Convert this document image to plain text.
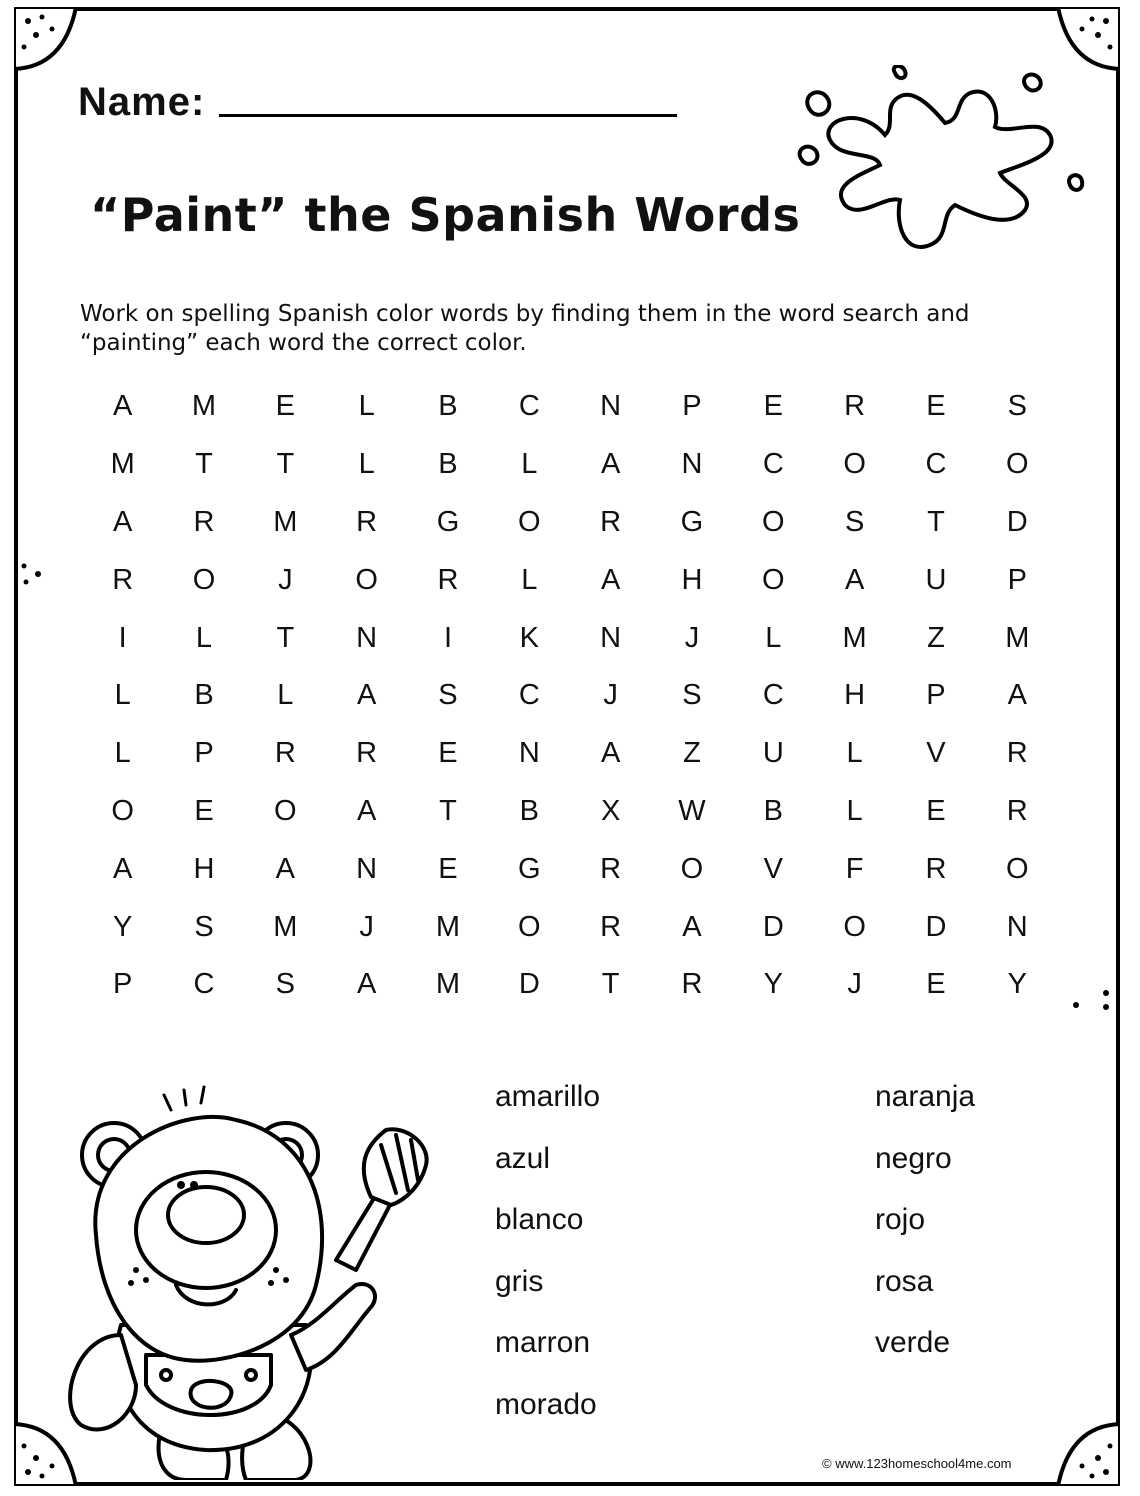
Name:
“Paint” the Spanish Words
Work on spelling Spanish color words by finding them in the word search and
“painting” each word the correct color.
A	M	E	L	B	C	N	P	E	R	E	S
M	T	T	L	B	L	A	N	C	O	C	O
A	R	M	R	G	O	R	G	O	S	T	D
R	O	J	O	R	L	A	H	O	A	U	P
I	L	T	N	I	K	N	J	L	M	Z	M
L	B	L	A	S	C	J	S	C	H	P	A
L	P	R	R	E	N	A	Z	U	L	V	R
O	E	O	A	T	B	X	W	B	L	E	R
A	H	A	N	E	G	R	O	V	F	R	O
Y	S	M	J	M	O	R	A	D	O	D	N
P	C	S	A	M	D	T	R	Y	J	E	Y
amarillo
azul
blanco
gris
marron
morado
naranja
negro
rojo
rosa
verde
© www.123homeschool4me.com
